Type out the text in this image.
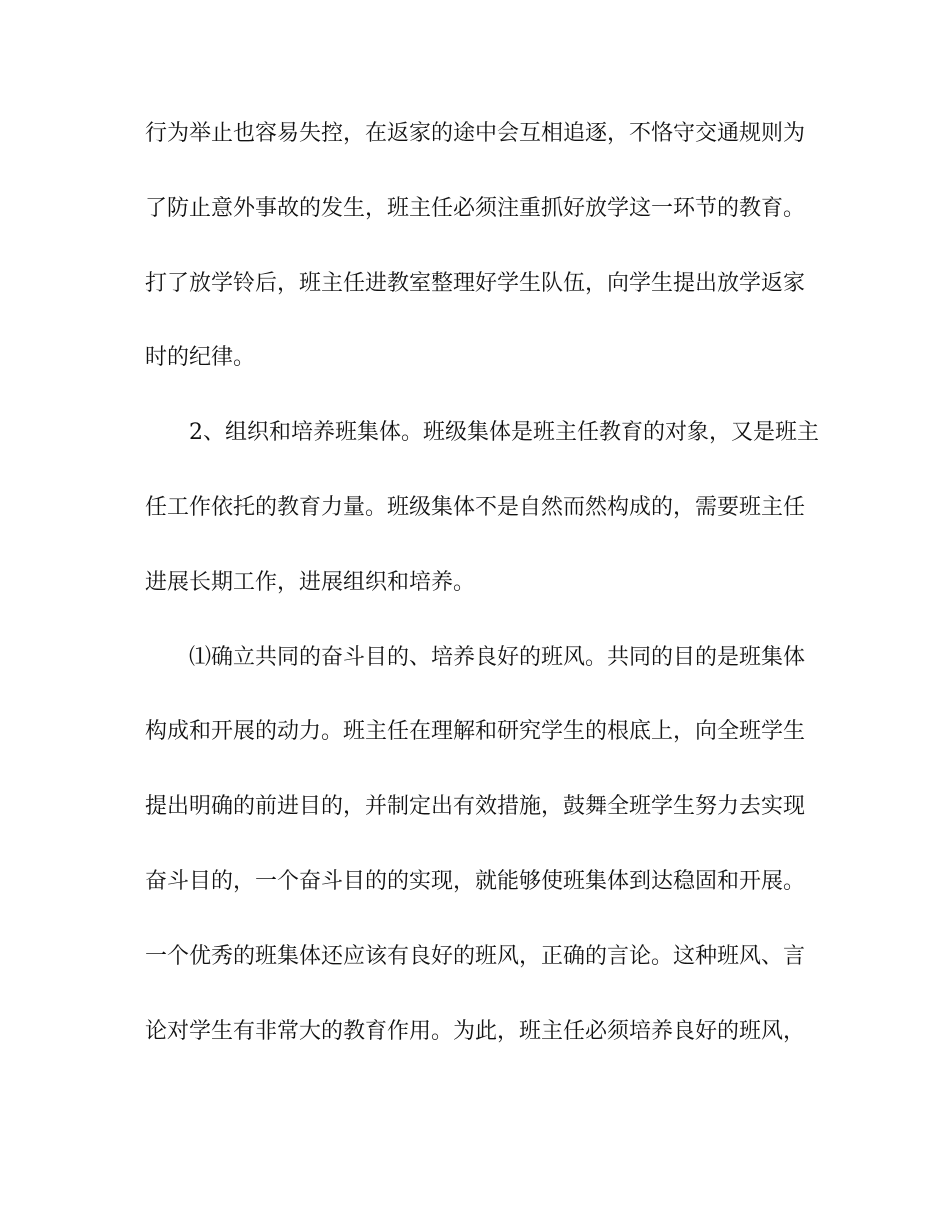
行为举止也容易失控，在返家的途中会互相追逐，不恪守交通规则为
了防止意外事故的发生，班主任必须注重抓好放学这一环节的教育。
打了放学铃后，班主任进教室整理好学生队伍，向学生提出放学返家
时的纪律。
2、组织和培养班集体。班级集体是班主任教育的对象，又是班主
任工作依托的教育力量。班级集体不是自然而然构成的，需要班主任
进展长期工作，进展组织和培养。
⑴确立共同的奋斗目的、培养良好的班风。共同的目的是班集体
构成和开展的动力。班主任在理解和研究学生的根底上，向全班学生
提出明确的前进目的，并制定出有效措施，鼓舞全班学生努力去实现
奋斗目的，一个奋斗目的的实现，就能够使班集体到达稳固和开展。
一个优秀的班集体还应该有良好的班风，正确的言论。这种班风、言
论对学生有非常大的教育作用。为此，班主任必须培养良好的班风，
